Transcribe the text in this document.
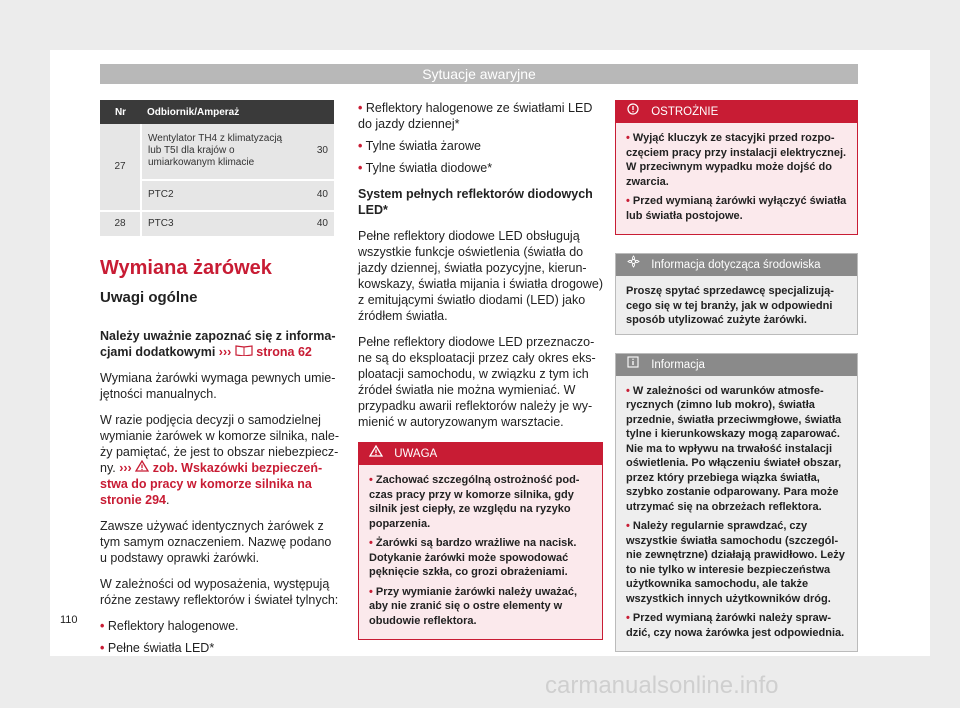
Sytuacje awaryjne
Nr	Odbiornik/Amperaż	
27	Wentylator TH4 z klimatyzacją lub T5I dla krajów o umiarkowanym klimacie	30
	PTC2	40
28	PTC3	40
Wymiana żarówek
Uwagi ogólne

Należy uważnie zapoznać się z informacjami dodatkowymi ››› strona 62

Wymiana żarówki wymaga pewnych umiejętności manualnych.

W razie podjęcia decyzji o samodzielnej wymianie żarówek w komorze silnika, należy pamiętać, że jest to obszar niebezpieczny. ››› zob. Wskazówki bezpieczeństwa do pracy w komorze silnika na stronie 294.

Zawsze używać identycznych żarówek z tym samym oznaczeniem. Nazwę podano u podstawy oprawki żarówki.

W zależności od wyposażenia, występują różne zestawy reflektorów i świateł tylnych:

• Reflektory halogenowe.
• Pełne światła LED*
• Reflektory halogenowe ze światłami LED do jazdy dziennej*
• Tylne światła żarowe
• Tylne światła diodowe*

System pełnych reflektorów diodowych LED*

Pełne reflektory diodowe LED obsługują wszystkie funkcje oświetlenia (światła do jazdy dziennej, światła pozycyjne, kierunkowskazy, światła mijania i światła drogowe) z emitującymi światło diodami (LED) jako źródłem światła.

Pełne reflektory diodowe LED przeznaczone są do eksploatacji przez cały okres eksploatacji samochodu, w związku z tym ich źródeł światła nie można wymieniać. W przypadku awarii reflektorów należy je wymienić w autoryzowanym warsztacie.

UWAGA
• Zachować szczególną ostrożność podczas pracy przy w komorze silnika, gdy silnik jest ciepły, ze względu na ryzyko poparzenia.
• Żarówki są bardzo wrażliwe na nacisk. Dotykanie żarówki może spowodować pęknięcie szkła, co grozi obrażeniami.
• Przy wymianie żarówki należy uważać, aby nie zranić się o ostre elementy w obudowie reflektora.
OSTROŻNIE
• Wyjąć kluczyk ze stacyjki przed rozpoczęciem pracy przy instalacji elektrycznej. W przeciwnym wypadku może dojść do zwarcia.
• Przed wymianą żarówki wyłączyć światła lub światła postojowe.
Informacja dotycząca środowiska
Proszę spytać sprzedawcę specjalizującego się w tej branży, jak w odpowiedni sposób utylizować zużyte żarówki.
Informacja
• W zależności od warunków atmosferycznych (zimno lub mokro), światła przednie, światła przeciwmgłowe, światła tylne i kierunkowskazy mogą zaparować. Nie ma to wpływu na trwałość instalacji oświetlenia. Po włączeniu świateł obszar, przez który przebiega wiązka światła, szybko zostanie odparowany. Para może utrzymać się na obrzeżach reflektora.
• Należy regularnie sprawdzać, czy wszystkie światła samochodu (szczególnie zewnętrzne) działają prawidłowo. Leży to nie tylko w interesie bezpieczeństwa użytkownika samochodu, ale także wszystkich innych użytkowników dróg.
• Przed wymianą żarówki należy sprawdzić, czy nowa żarówka jest odpowiednia.
110
carmanualsonline.info
